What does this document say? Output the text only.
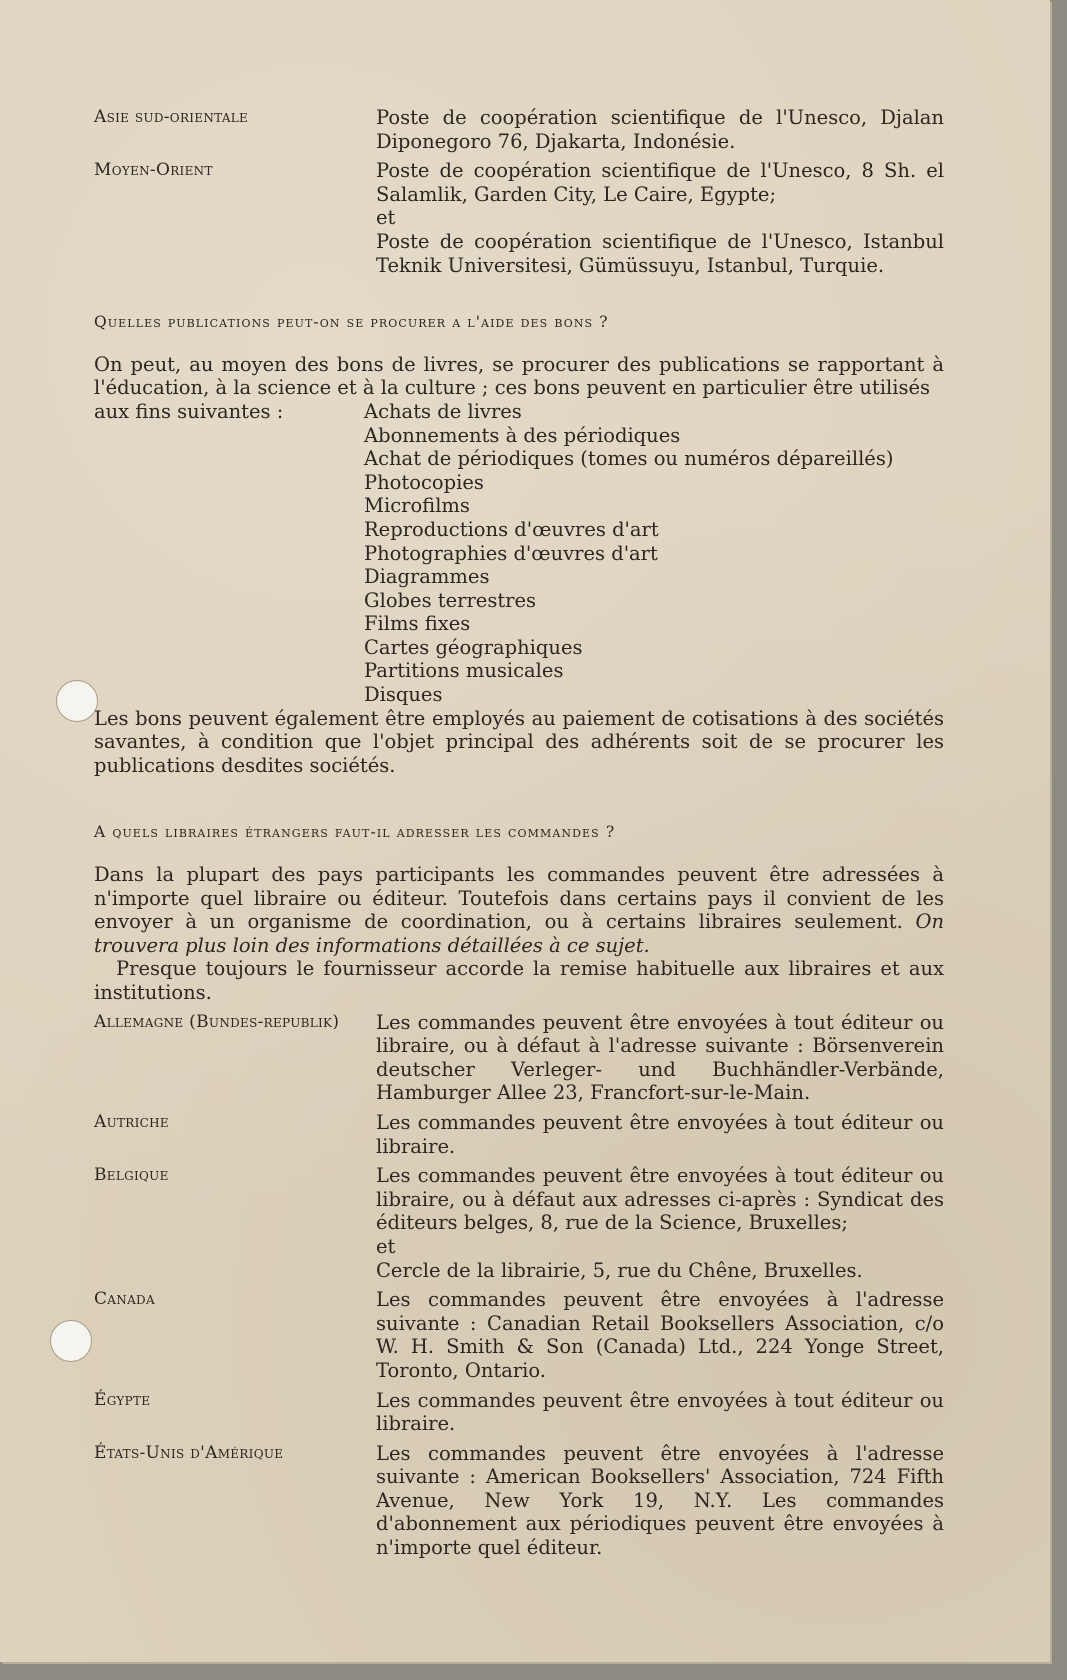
Asie sud-orientale	Poste de coopération scientifique de l'Unesco, Djalan Diponegoro 76, Djakarta, Indonésie.

Moyen-Orient	Poste de coopération scientifique de l'Unesco, 8 Sh. el Salamlik, Garden City, Le Caire, Egypte;

et

Poste de coopération scientifique de l'Unesco, Istanbul Teknik Universitesi, Gümüssuyu, Istanbul, Turquie.

Quelles publications peut-on se procurer a l'aide des bons ?

On peut, au moyen des bons de livres, se procurer des publications se rapportant à l'éducation, à la science et à la culture ; ces bons peuvent en particulier être utilisés

aux fins suivantes :	Achats de livres
Abonnements à des périodiques
Achat de périodiques (tomes ou numéros dépareillés)
Photocopies
Microfilms
Reproductions d'œuvres d'art
Photographies d'œuvres d'art
Diagrammes
Globes terrestres
Films fixes
Cartes géographiques
Partitions musicales
Disques

Les bons peuvent également être employés au paiement de cotisations à des sociétés savantes, à condition que l'objet principal des adhérents soit de se procurer les publications desdites sociétés.

A quels libraires étrangers faut-il adresser les commandes ?

Dans la plupart des pays participants les commandes peuvent être adressées à n'importe quel libraire ou éditeur. Toutefois dans certains pays il convient de les envoyer à un organisme de coordination, ou à certains libraires seulement. On trouvera plus loin des informations détaillées à ce sujet.

Presque toujours le fournisseur accorde la remise habituelle aux libraires et aux institutions.

Allemagne (Bundes-republik)	Les commandes peuvent être envoyées à tout éditeur ou libraire, ou à défaut à l'adresse suivante : Börsenverein deutscher Verleger- und Buchhändler-Verbände, Hamburger Allee 23, Francfort-sur-le-Main.

Autriche	Les commandes peuvent être envoyées à tout éditeur ou libraire.

Belgique	Les commandes peuvent être envoyées à tout éditeur ou libraire, ou à défaut aux adresses ci-après : Syndicat des éditeurs belges, 8, rue de la Science, Bruxelles;

et

Cercle de la librairie, 5, rue du Chêne, Bruxelles.

Canada	Les commandes peuvent être envoyées à l'adresse suivante : Canadian Retail Booksellers Association, c/o W. H. Smith & Son (Canada) Ltd., 224 Yonge Street, Toronto, Ontario.

Égypte	Les commandes peuvent être envoyées à tout éditeur ou libraire.

États-Unis d'Amérique	Les commandes peuvent être envoyées à l'adresse suivante : American Booksellers' Association, 724 Fifth Avenue, New York 19, N.Y. Les commandes d'abonnement aux périodiques peuvent être envoyées à n'importe quel éditeur.
